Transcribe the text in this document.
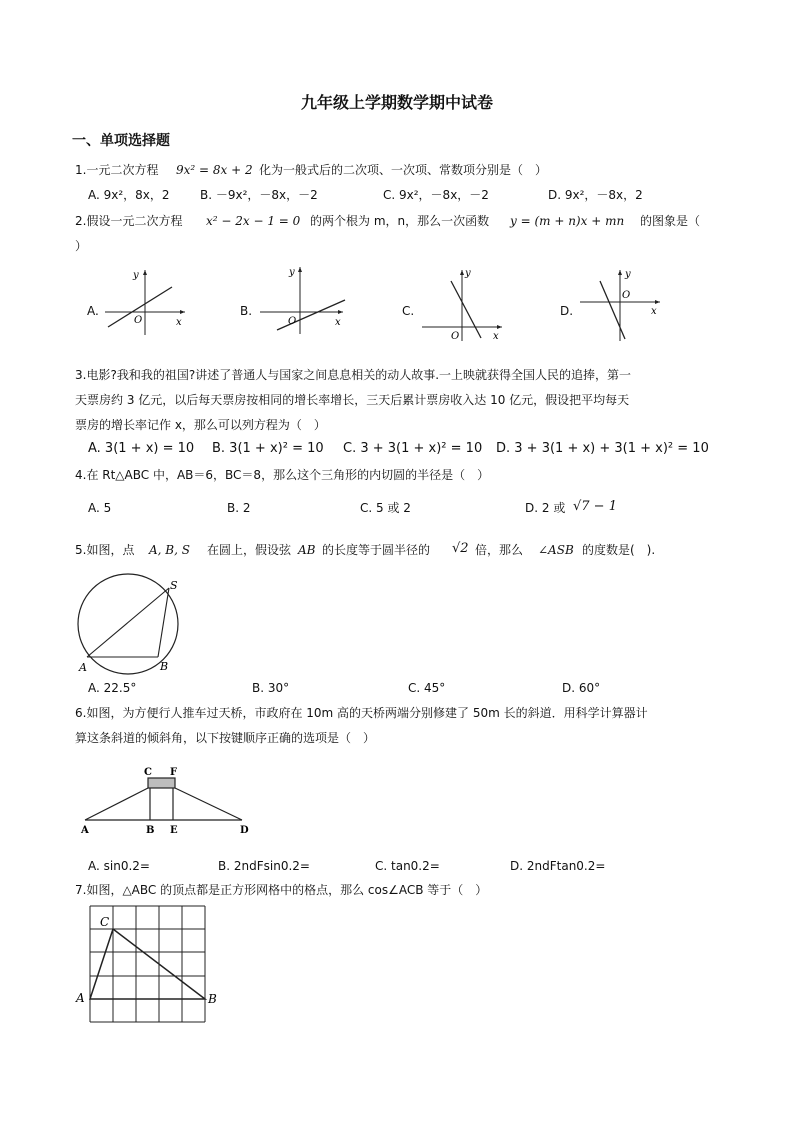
九年级上学期数学期中试卷
一、单项选择题
1.一元二次方程 9x² = 8x + 2 化为一般式后的二次项、一次项、常数项分别是（　）
A. 9x²，8x，2	B. －9x²，－8x，－2	C. 9x²，－8x，－2	D. 9x²，－8x，2
2.假设一元二次方程 x² − 2x − 1 = 0 的两个根为 m，n，那么一次函数 y = (m + n)x + mn 的图象是（
）
A.
y
x
O
B.
y
x
O
C.
y
x
O
D.
y
x
O
3.电影?我和我的祖国?讲述了普通人与国家之间息息相关的动人故事.一上映就获得全国人民的追捧，第一
天票房约 3 亿元，以后每天票房按相同的增长率增长，三天后累计票房收入达 10 亿元，假设把平均每天
票房的增长率记作 x，那么可以列方程为（　）
A. 3(1 + x) = 10 B. 3(1 + x)² = 10 C. 3 + 3(1 + x)² = 10 D. 3 + 3(1 + x) + 3(1 + x)² = 10
4.在 Rt△ABC 中，AB＝6，BC＝8，那么这个三角形的内切圆的半径是（　）
A. 5	B. 2	C. 5 或 2	D. 2 或 √7 − 1
5.如图，点 A, B, S 在圆上，假设弦 AB 的长度等于圆半径的 √2 倍，那么 ∠ASB 的度数是(　).
A	B
S
A. 22.5°	B. 30°	C. 45°	D. 60°
6.如图，为方便行人推车过天桥，市政府在 10m 高的天桥两端分别修建了 50m 长的斜道．用科学计算器计
算这条斜道的倾斜角，以下按键顺序正确的选项是（　）
A	B E	D
C F
A. sin0.2=	B. 2ndFsin0.2=	C. tan0.2=	D. 2ndFtan0.2=
7.如图，△ABC 的顶点都是正方形网格中的格点，那么 cos∠ACB 等于（　）
C
A	B
